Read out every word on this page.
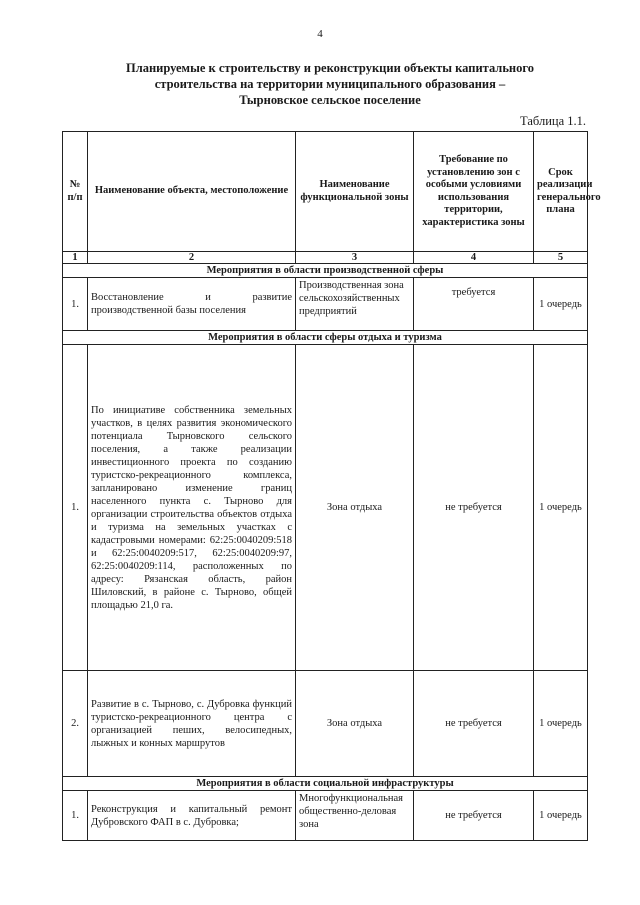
4
Планируемые к строительству и реконструкции объекты капитального
строительства на территории муниципального образования –
Тырновское сельское поселение
Таблица 1.1.
№ п/п	Наименование объекта, местоположение	Наименование функциональной зоны	Требование по установлению зон с особыми условиями использования территории, характеристика зоны	Срок реализации генерального плана
1	2	3	4	5
Мероприятия в области производственной сферы				
1.	Восстановление и развитие производственной базы поселения	Производственная зона сельскохозяйственных предприятий	требуется	1 очередь
Мероприятия в области сферы отдыха и туризма				
1.	По инициативе собственника земельных участков, в целях развития экономического потенциала Тырновского сельского поселения, а также реализации инвестиционного проекта по созданию туристско-рекреационного комплекса, запланировано изменение границ населенного пункта с. Тырново для организации строительства объектов отдыха и туризма на земельных участках с кадастровыми номерами: 62:25:0040209:518 и 62:25:0040209:517, 62:25:0040209:97, 62:25:0040209:114, расположенных по адресу: Рязанская область, район Шиловский, в районе с. Тырново, общей площадью 21,0 га.	Зона отдыха	не требуется	1 очередь
2.	Развитие в с. Тырново, с. Дубровка функций туристско-рекреационного центра с организацией пеших, велосипедных, лыжных и конных маршрутов	Зона отдыха	не требуется	1 очередь
Мероприятия в области социальной инфраструктуры				
1.	Реконструкция и капитальный ремонт Дубровского ФАП в с. Дубровка;	Многофункциональная общественно-деловая зона	не требуется	1 очередь
